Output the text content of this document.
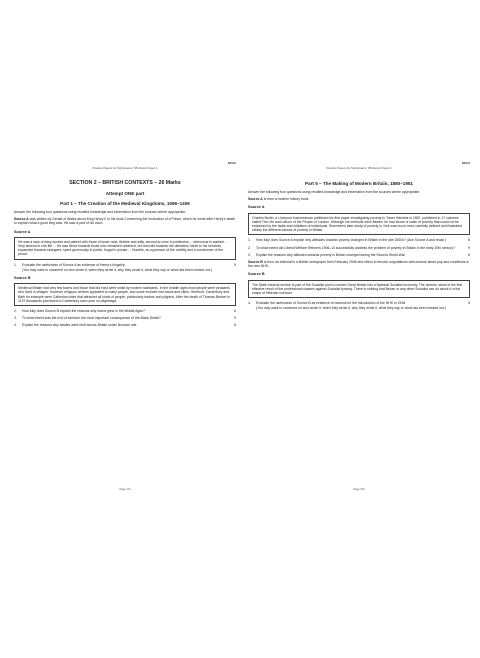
N5/H/1
Practice Papers for SQA Exams: N5 History Paper A
SECTION 2 – BRITISH CONTEXTS – 26 Marks
Attempt ONE part
Part 1 – The Creation of the Medieval Kingdoms, 1066–1406

Answer the following four questions using recalled knowledge and information from the sources where appropriate.

Source A was written by Gerald of Wales about King Henry II in his book Concerning the Instruction of a Prince, which he wrote after Henry's death to explain what a good king was. He saw a part of his court.

Source A
He was a man of easy access and patient with those of lower rank, flexible and witty, second to none in politeness ... strenuous in warfare ... Very shrewd in civil life ... He was fierce towards those who remained untamed, but merciful towards the defeated; harsh to his servants, expansive towards strangers, spent generously in public, frugal in private ... Humble, an oppressor of the nobility and a condemner of the proud.
1.	Evaluate the usefulness of Source A as evidence of Henry's kingship.	5
(You may want to comment on who wrote it, when they wrote it, why they wrote it, what they say or what has been missed out.)
Source B
Medieval Britain had very few towns and those that did exist were small by modern standards. In the middle ages most people were peasants who lived in villages. However religious centres appealed to many people, and some evolved into towns and cities. Hereford, Canterbury and Bath for example were Cathedral cities that attracted all kinds of people, particularly traders and pilgrims. After the death of Thomas Becket in 1170 thousands journeyed to Canterbury each year on pilgrimage.
2.	How fully does Source B explain the reasons why towns grew in the Middle Ages?	6
3.	To what extent was the end of serfdom the most important consequence of the Black Death?	9
4.	Explain the reasons why castles were built across Britain under Norman rule.	6
Page 124
N5/H/1
Practice Papers for SQA Exams: N5 History Paper A
Part 5 – The Making of Modern Britain, 1880–1951

Answer the following four questions using recalled knowledge and information from the sources where appropriate.

Source A is from a modern history book.

Source A
Charles Booth, a Liverpool businessman published his first paper investigating poverty in Tower Hamlets in 1887, published in 17 volumes called The Life and Labour of the People of London. Although his methods were flawed, he had shown a scale of poverty that could not be explained by the faults and mistakes of individuals. Rowntree's later study of poverty in York was much more carefully defined and illustrated clearly the different causes of poverty in Britain.
1.	How fully does Source A explain why attitudes towards poverty changed in Britain in the late 1800s? (Use Source A and recall.)	6
2.	To what extent did Liberal Welfare Reforms 1906–14 successfully address the problem of poverty in Britain in the early 20th century?	9
3.	Explain the reasons why attitudes towards poverty in Britain changed during the Second World War.	6

Source B is from an editorial in a British newspaper from February 1948 and refers to tension negotiations with doctors about pay and conditions in the new NHS.

Source B
The State medical service is part of the Socialist plot to convert Great Britain into a National Socialist economy. The doctors' stand is the first effective revolt of the professional classes against Socialist tyranny. There is nothing that Bevan or any other Socialist can do about it in the shape of Hitlerian coercion.
4.	Evaluate the usefulness of Source B as evidence of reasons for the introduction of the NHS in 1948.	5
(You may want to comment on who wrote it, when they wrote it, why they wrote it, what they say or what has been missed out.)
Page 125
